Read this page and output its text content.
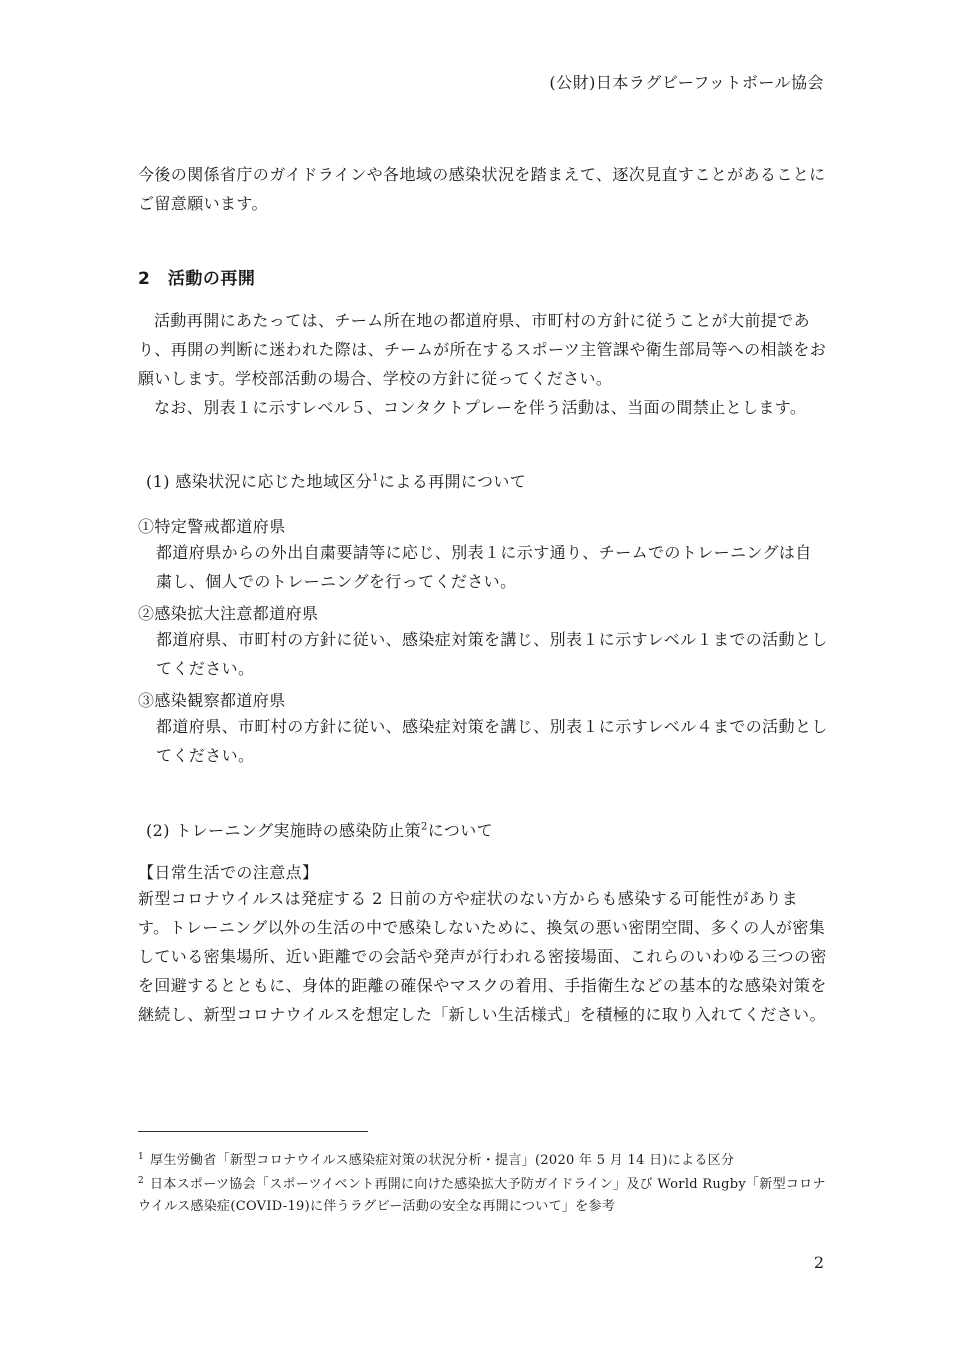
(公財)日本ラグビーフットボール協会

今後の関係省庁のガイドラインや各地域の感染状況を踏まえて、逐次見直すことがあることにご留意願います。

2　活動の再開

活動再開にあたっては、チーム所在地の都道府県、市町村の方針に従うことが大前提であり、再開の判断に迷われた際は、チームが所在するスポーツ主管課や衛生部局等への相談をお願いします。学校部活動の場合、学校の方針に従ってください。

なお、別表１に示すレベル５、コンタクトプレーを伴う活動は、当面の間禁止とします。

(1) 感染状況に応じた地域区分$^1$による再開について
①特定警戒都道府県

都道府県からの外出自粛要請等に応じ、別表１に示す通り、チームでのトレーニングは自粛し、個人でのトレーニングを行ってください。

②感染拡大注意都道府県

都道府県、市町村の方針に従い、感染症対策を講じ、別表１に示すレベル１までの活動としてください。

③感染観察都道府県

都道府県、市町村の方針に従い、感染症対策を講じ、別表１に示すレベル４までの活動としてください。

(2) トレーニング実施時の感染防止策$^2$について
【日常生活での注意点】

新型コロナウイルスは発症する 2 日前の方や症状のない方からも感染する可能性があります。トレーニング以外の生活の中で感染しないために、換気の悪い密閉空間、多くの人が密集している密集場所、近い距離での会話や発声が行われる密接場面、これらのいわゆる三つの密を回避するとともに、身体的距離の確保やマスクの着用、手指衛生などの基本的な感染対策を継続し、新型コロナウイルスを想定した「新しい生活様式」を積極的に取り入れてください。

$^1$ 厚生労働省「新型コロナウイルス感染症対策の状況分析・提言」(2020 年 5 月 14 日)による区分

$^2$ 日本スポーツ協会「スポーツイベント再開に向けた感染拡大予防ガイドライン」及び World Rugby「新型コロナウイルス感染症(COVID-19)に伴うラグビー活動の安全な再開について」を参考

2
